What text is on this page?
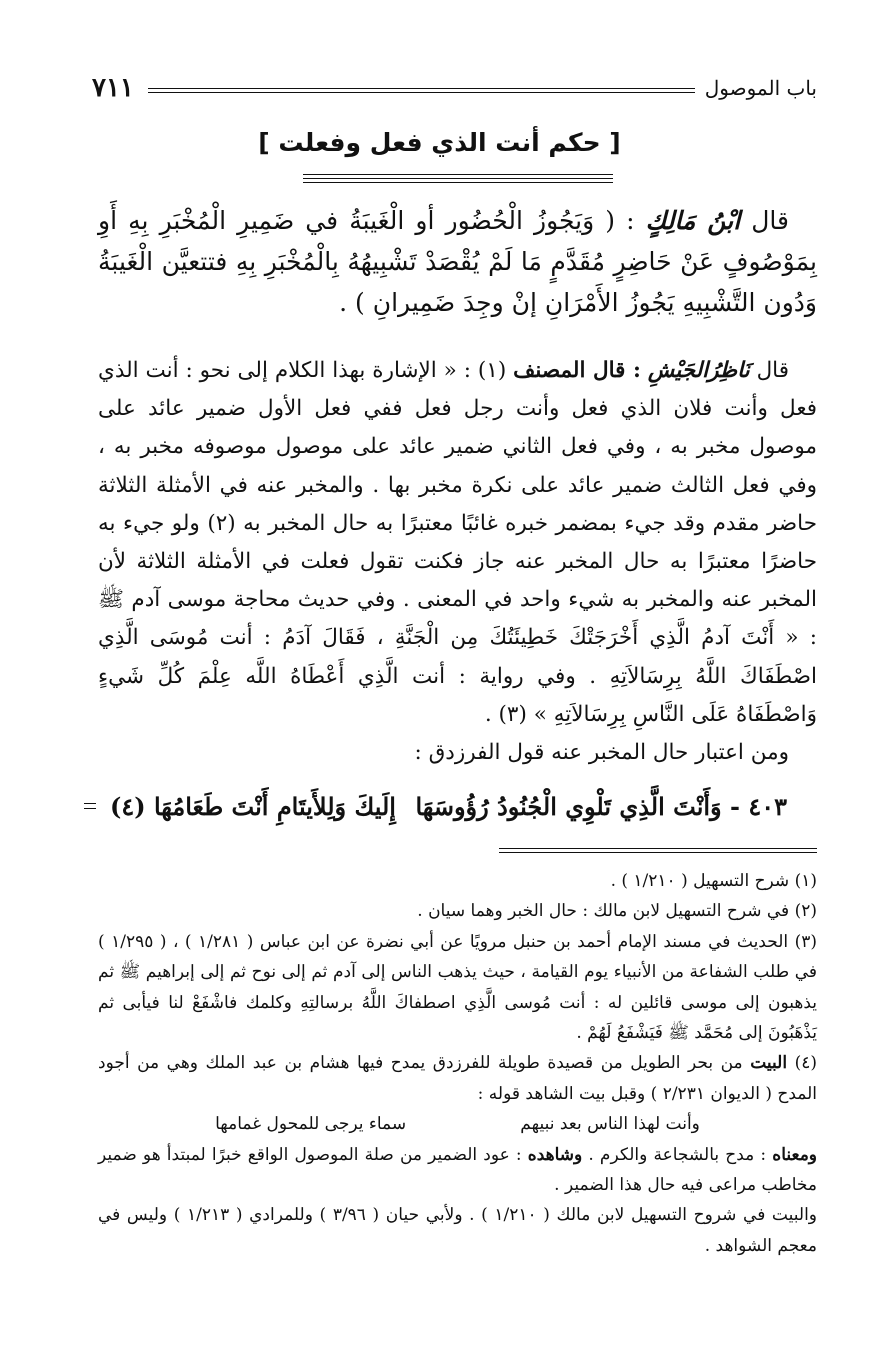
باب الموصول
٧١١
[ حكم أنت الذي فعل وفعلت ]

قال ابْنُ مَالِكٍ : ( وَيَجُوزُ الْحُضُور أو الْغَيبَةُ في ضَمِيرِ الْمُخْبَرِ بِهِ أَوِ بِمَوْصُوفٍ عَنْ حَاضِرٍ مُقَدَّمٍ مَا لَمْ يُقْصَدْ تَشْبِيهُهُ بِالْمُخْبَرِ بِهِ فتتعيَّن الْغَيبَةُ وَدُون التَّشْبِيهِ يَجُوزُ الأَمْرَانِ إنْ وجِدَ ضَمِيرانِ ) .

قال نَاظِرُالجَيْشِ : قال المصنف (١) : « الإشارة بهذا الكلام إلى نحو : أنت الذي فعل وأنت فلان الذي فعل وأنت رجل فعل ففي فعل الأول ضمير عائد على موصول مخبر به ، وفي فعل الثاني ضمير عائد على موصول موصوفه مخبر به ، وفي فعل الثالث ضمير عائد على نكرة مخبر بها . والمخبر عنه في الأمثلة الثلاثة حاضر مقدم وقد جيء بمضمر خبره غائبًا معتبرًا به حال المخبر به (٢) ولو جيء به حاضرًا معتبرًا به حال المخبر عنه جاز فكنت تقول فعلت في الأمثلة الثلاثة لأن المخبر عنه والمخبر به شيء واحد في المعنى . وفي حديث محاجة موسى آدم ﷺ : « أَنْتَ آدمُ الَّذِي أَخْرَجَتْكَ خَطِيئَتُكَ مِن الْجَنَّةِ ، فَقَالَ آدَمُ : أنت مُوسَى الَّذِي اصْطَفَاكَ اللَّهُ بِرِسَالاَتِهِ . وفي رواية : أنت الَّذِي أَعْطَاهُ اللَّه عِلْمَ كُلِّ شَيءٍ وَاصْطَفَاهُ عَلَى النَّاسِ بِرِسَالاَتِهِ » (٣) .

ومن اعتبار حال المخبر عنه قول الفرزدق :

٤٠٣ - وَأَنْتَ الَّذِي تَلْوِي الْجُنُودُ رُؤُوسَهَا
إِلَيكَ وَلِلأَيتَامِ أَنْتَ طَعَامُهَا (٤)

(١) شرح التسهيل ( ١/٢١٠ ) .

(٢) في شرح التسهيل لابن مالك : حال الخبر وهما سيان .

(٣) الحديث في مسند الإمام أحمد بن حنبل مرويًا عن أبي نضرة عن ابن عباس ( ١/٢٨١ ) ، ( ١/٢٩٥ ) في طلب الشفاعة من الأنبياء يوم القيامة ، حيث يذهب الناس إلى آدم ثم إلى نوح ثم إلى إبراهيم ﷺ ثم يذهبون إلى موسى قائلين له : أنت مُوسى الَّذِي اصطفاكَ اللَّهُ برسالتِهِ وكلمك فاشْفَعْ لنا فيأبى ثم يَذْهَبُونَ إلى مُحَمَّد ﷺ فَيَشْفَعُ لَهُمْ .

(٤) البيت من بحر الطويل من قصيدة طويلة للفرزدق يمدح فيها هشام بن عبد الملك وهي من أجود المدح ( الديوان ٢/٢٣١ ) وقبل بيت الشاهد قوله :

وأنت لهذا الناس بعد نبيهم
سماء يرجى للمحول غمامها

ومعناه : مدح بالشجاعة والكرم . وشاهده : عود الضمير من صلة الموصول الواقع خبرًا لمبتدأ هو ضمير مخاطب مراعى فيه حال هذا الضمير .

والبيت في شروح التسهيل لابن مالك ( ١/٢١٠ ) . ولأبي حيان ( ٣/٩٦ ) وللمرادي ( ١/٢١٣ ) وليس في معجم الشواهد .
